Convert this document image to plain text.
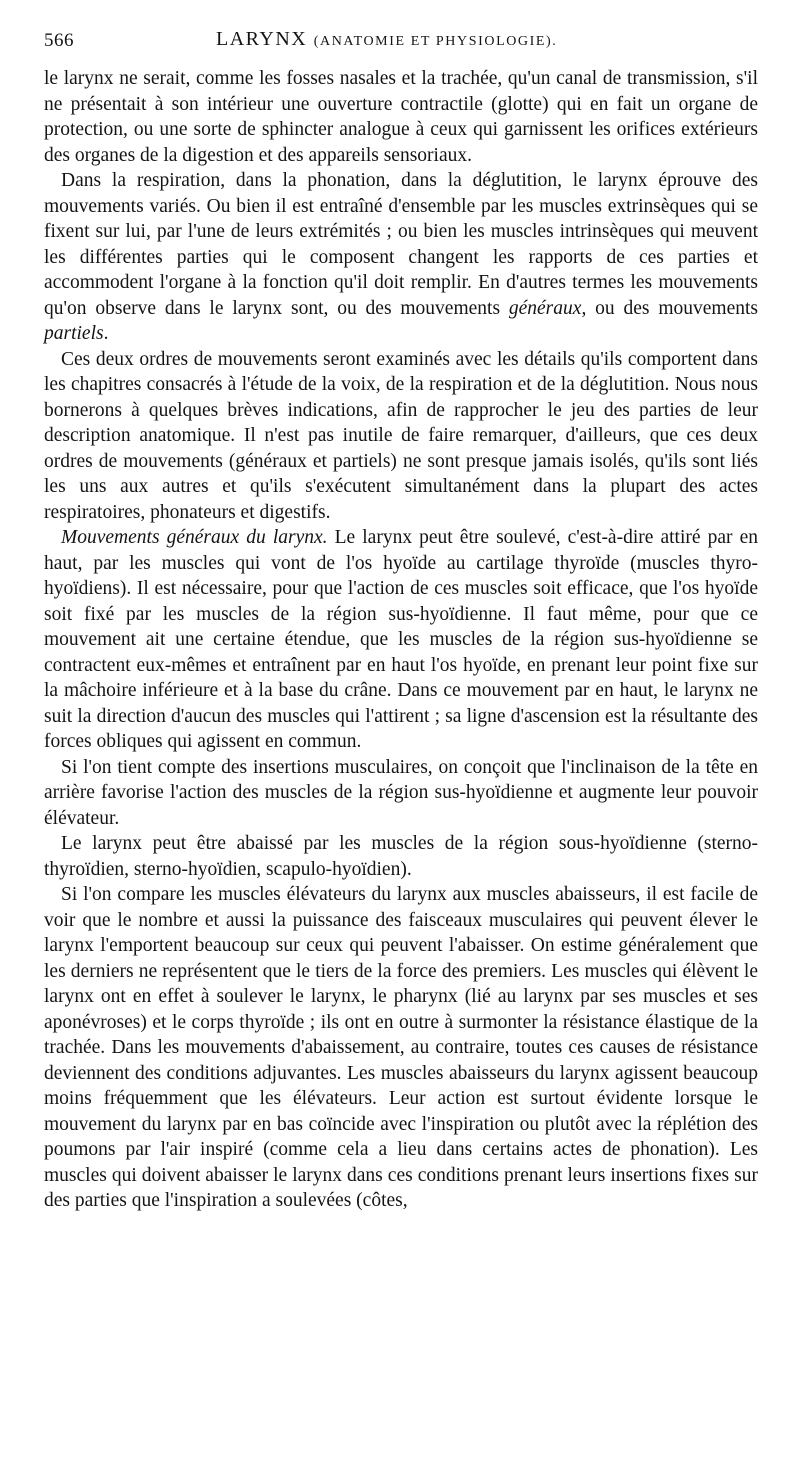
566	LARYNX (ANATOMIE ET PHYSIOLOGIE).

le larynx ne serait, comme les fosses nasales et la trachée, qu'un canal de transmission, s'il ne présentait à son intérieur une ouverture contractile (glotte) qui en fait un organe de protection, ou une sorte de sphincter analogue à ceux qui garnissent les orifices extérieurs des organes de la digestion et des appareils sensoriaux.

Dans la respiration, dans la phonation, dans la déglutition, le larynx éprouve des mouvements variés. Ou bien il est entraîné d'ensemble par les muscles extrinsèques qui se fixent sur lui, par l'une de leurs extrémités ; ou bien les muscles intrinsèques qui meuvent les différentes parties qui le composent changent les rapports de ces parties et accommodent l'organe à la fonction qu'il doit remplir. En d'autres termes les mouvements qu'on observe dans le larynx sont, ou des mouvements généraux, ou des mouvements partiels.

Ces deux ordres de mouvements seront examinés avec les détails qu'ils comportent dans les chapitres consacrés à l'étude de la voix, de la respiration et de la déglutition. Nous nous bornerons à quelques brèves indications, afin de rapprocher le jeu des parties de leur description anatomique. Il n'est pas inutile de faire remarquer, d'ailleurs, que ces deux ordres de mouvements (généraux et partiels) ne sont presque jamais isolés, qu'ils sont liés les uns aux autres et qu'ils s'exécutent simultanément dans la plupart des actes respiratoires, phonateurs et digestifs.

Mouvements généraux du larynx. Le larynx peut être soulevé, c'est-à-dire attiré par en haut, par les muscles qui vont de l'os hyoïde au cartilage thyroïde (muscles thyro-hyoïdiens). Il est nécessaire, pour que l'action de ces muscles soit efficace, que l'os hyoïde soit fixé par les muscles de la région sus-hyoïdienne. Il faut même, pour que ce mouvement ait une certaine étendue, que les muscles de la région sus-hyoïdienne se contractent eux-mêmes et entraînent par en haut l'os hyoïde, en prenant leur point fixe sur la mâchoire inférieure et à la base du crâne. Dans ce mouvement par en haut, le larynx ne suit la direction d'aucun des muscles qui l'attirent ; sa ligne d'ascension est la résultante des forces obliques qui agissent en commun.

Si l'on tient compte des insertions musculaires, on conçoit que l'inclinaison de la tête en arrière favorise l'action des muscles de la région sus-hyoïdienne et augmente leur pouvoir élévateur.

Le larynx peut être abaissé par les muscles de la région sous-hyoïdienne (sterno-thyroïdien, sterno-hyoïdien, scapulo-hyoïdien).

Si l'on compare les muscles élévateurs du larynx aux muscles abaisseurs, il est facile de voir que le nombre et aussi la puissance des faisceaux musculaires qui peuvent élever le larynx l'emportent beaucoup sur ceux qui peuvent l'abaisser. On estime généralement que les derniers ne représentent que le tiers de la force des premiers. Les muscles qui élèvent le larynx ont en effet à soulever le larynx, le pharynx (lié au larynx par ses muscles et ses aponévroses) et le corps thyroïde ; ils ont en outre à surmonter la résistance élastique de la trachée. Dans les mouvements d'abaissement, au contraire, toutes ces causes de résistance deviennent des conditions adjuvantes. Les muscles abaisseurs du larynx agissent beaucoup moins fréquemment que les élévateurs. Leur action est surtout évidente lorsque le mouvement du larynx par en bas coïncide avec l'inspiration ou plutôt avec la réplétion des poumons par l'air inspiré (comme cela a lieu dans certains actes de phonation). Les muscles qui doivent abaisser le larynx dans ces conditions prenant leurs insertions fixes sur des parties que l'inspiration a soulevées (côtes,
